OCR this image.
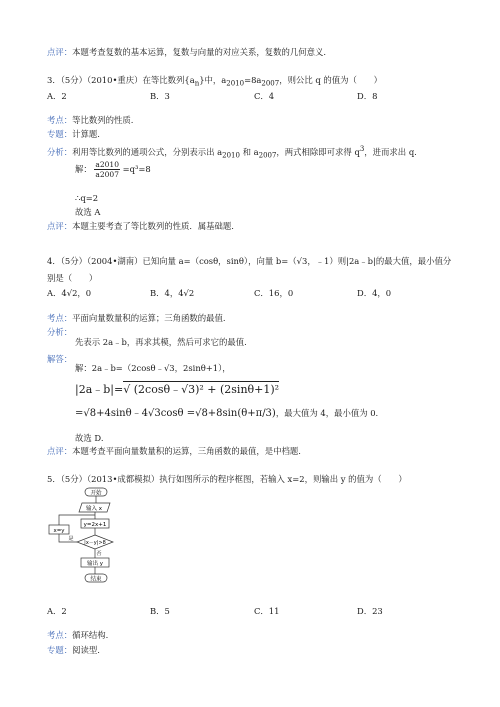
点评：本题考查复数的基本运算，复数与向量的对应关系，复数的几何意义.
3．（5分）（2010•重庆）在等比数列$\{a_n\}$中，$a_{2010}=8a_{2007}$，则公比 q 的值为（　　）
A．2	B．3	C．4	D．8
考点：等比数列的性质.
专题：计算题.
分析：利用等比数列的通项公式，分别表示出 $a_{2010}$ 和 $a_{2007}$，两式相除即可求得 $q^3$，进而求出 q.
解： $\frac{a2010}{a2007} =q^3=8$
∴q=2
故选 A
点评：本题主要考查了等比数列的性质．属基础题.
4．（5分）（2004•湖南）已知向量 a=（cosθ，sinθ），向量 b=（√3，﹣1）则|2a﹣b|的最大值，最小值分
别是（　　）
A．4√2，0	B．4，4√2	C．16，0	D．4，0
考点：平面向量数量积的运算；三角函数的最值.
分析：
先表示 2a﹣b，再求其模，然后可求它的最值.
解答：
解：2a﹣b=（2cosθ﹣√3，2sinθ+1），
|2a﹣b|=√ (2cosθ﹣√3)² + (2sinθ+1)²
=√8+4sinθ﹣4√3cosθ =√8+8sin(θ+π/3)，最大值为 4，最小值为 0.
故选 D.
点评：本题考查平面向量数量积的运算，三角函数的最值，是中档题.
5．（5分）（2013•成都模拟）执行如图所示的程序框图，若输入 x=2，则输出 y 的值为（　　）
开始
输入 x
y=2x+1
|x－y|>8
是
否
x=y
输出 y
结束
A．2	B．5	C．11	D．23
考点：循环结构.
专题：阅读型.
